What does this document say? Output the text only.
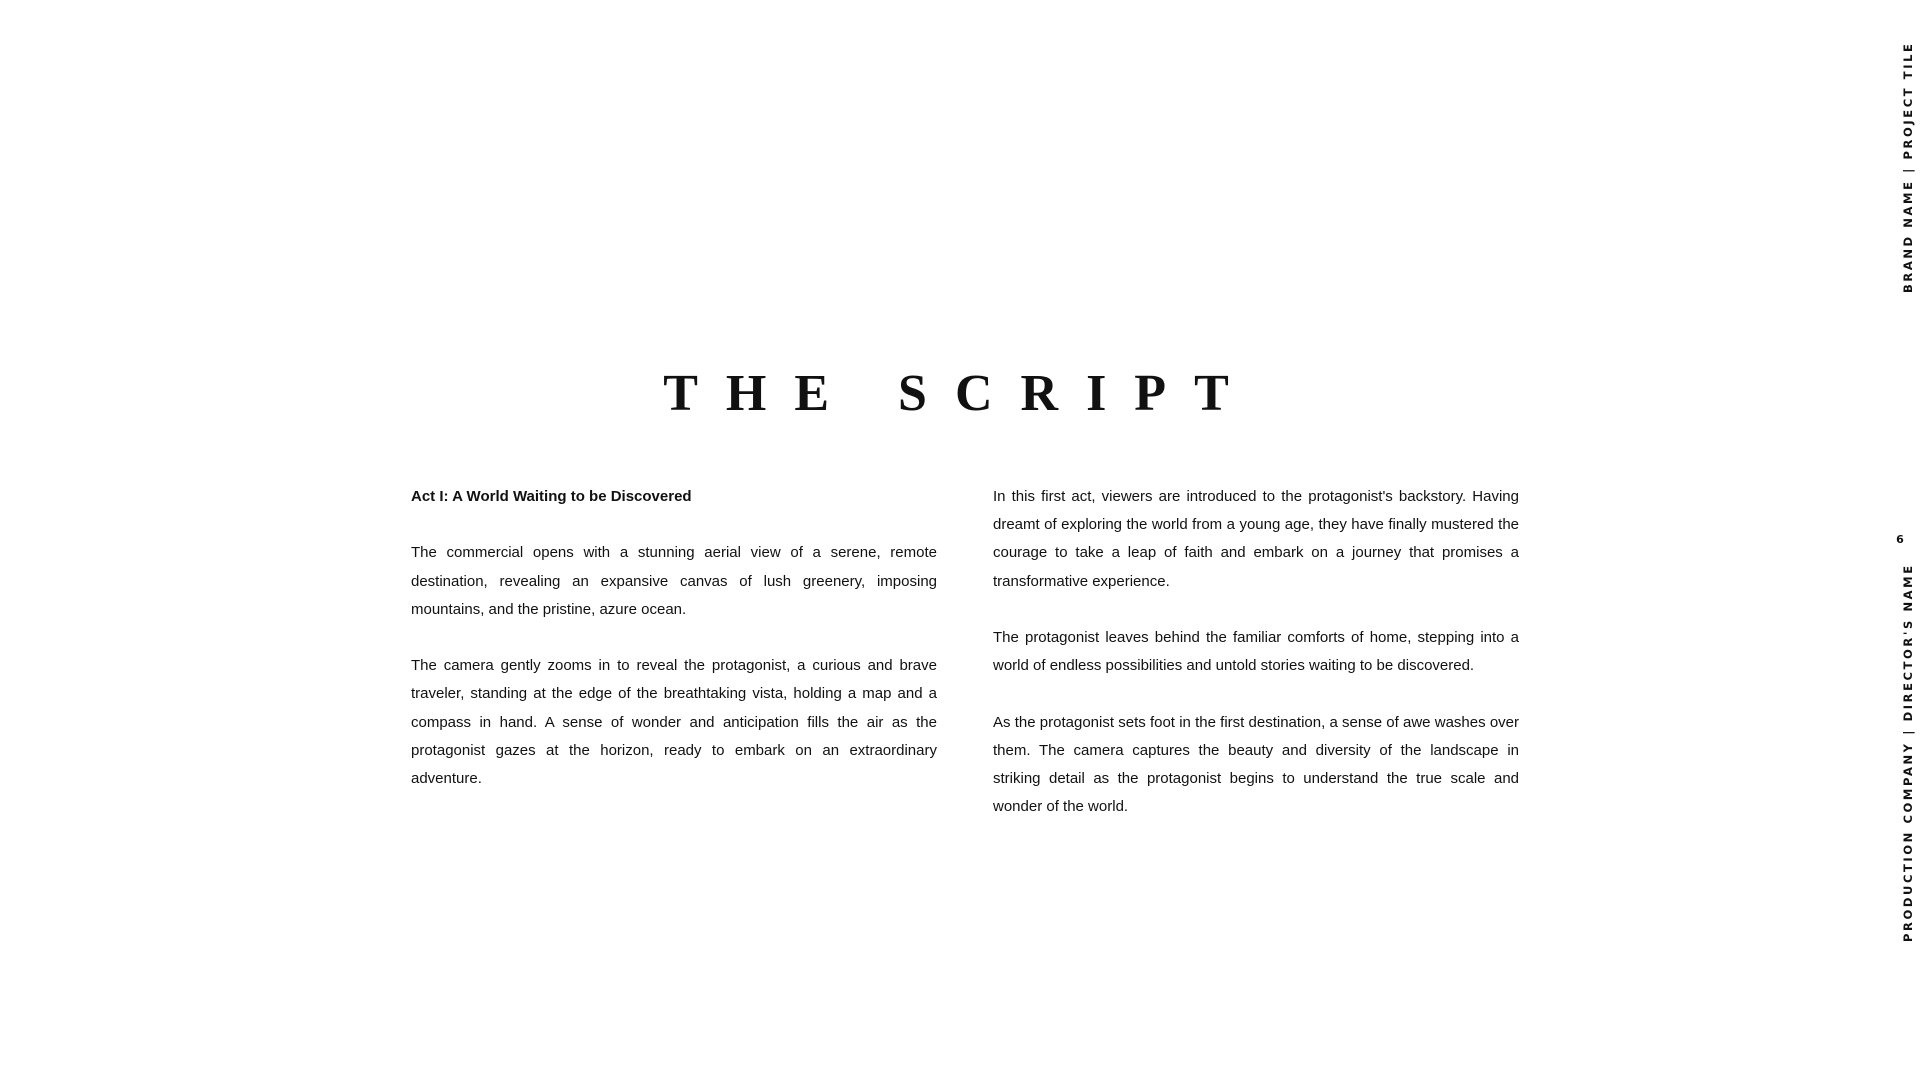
THE SCRIPT
Act I: A World Waiting to be Discovered

The commercial opens with a stunning aerial view of a serene, remote destination, revealing an expansive canvas of lush greenery, imposing mountains, and the pristine, azure ocean.

The camera gently zooms in to reveal the protagonist, a curious and brave traveler, standing at the edge of the breathtaking vista, holding a map and a compass in hand. A sense of wonder and anticipation fills the air as the protagonist gazes at the horizon, ready to embark on an extraordinary adventure.

In this first act, viewers are introduced to the protagonist's backstory. Having dreamt of exploring the world from a young age, they have finally mustered the courage to take a leap of faith and embark on a journey that promises a transformative experience.

The protagonist leaves behind the familiar comforts of home, stepping into a world of endless possibilities and untold stories waiting to be discovered.

As the protagonist sets foot in the first destination, a sense of awe washes over them. The camera captures the beauty and diversity of the landscape in striking detail as the protagonist begins to understand the true scale and wonder of the world.

BRAND NAME | PROJECT TILE
6
PRODUCTION COMPANY | DIRECTOR'S NAME
